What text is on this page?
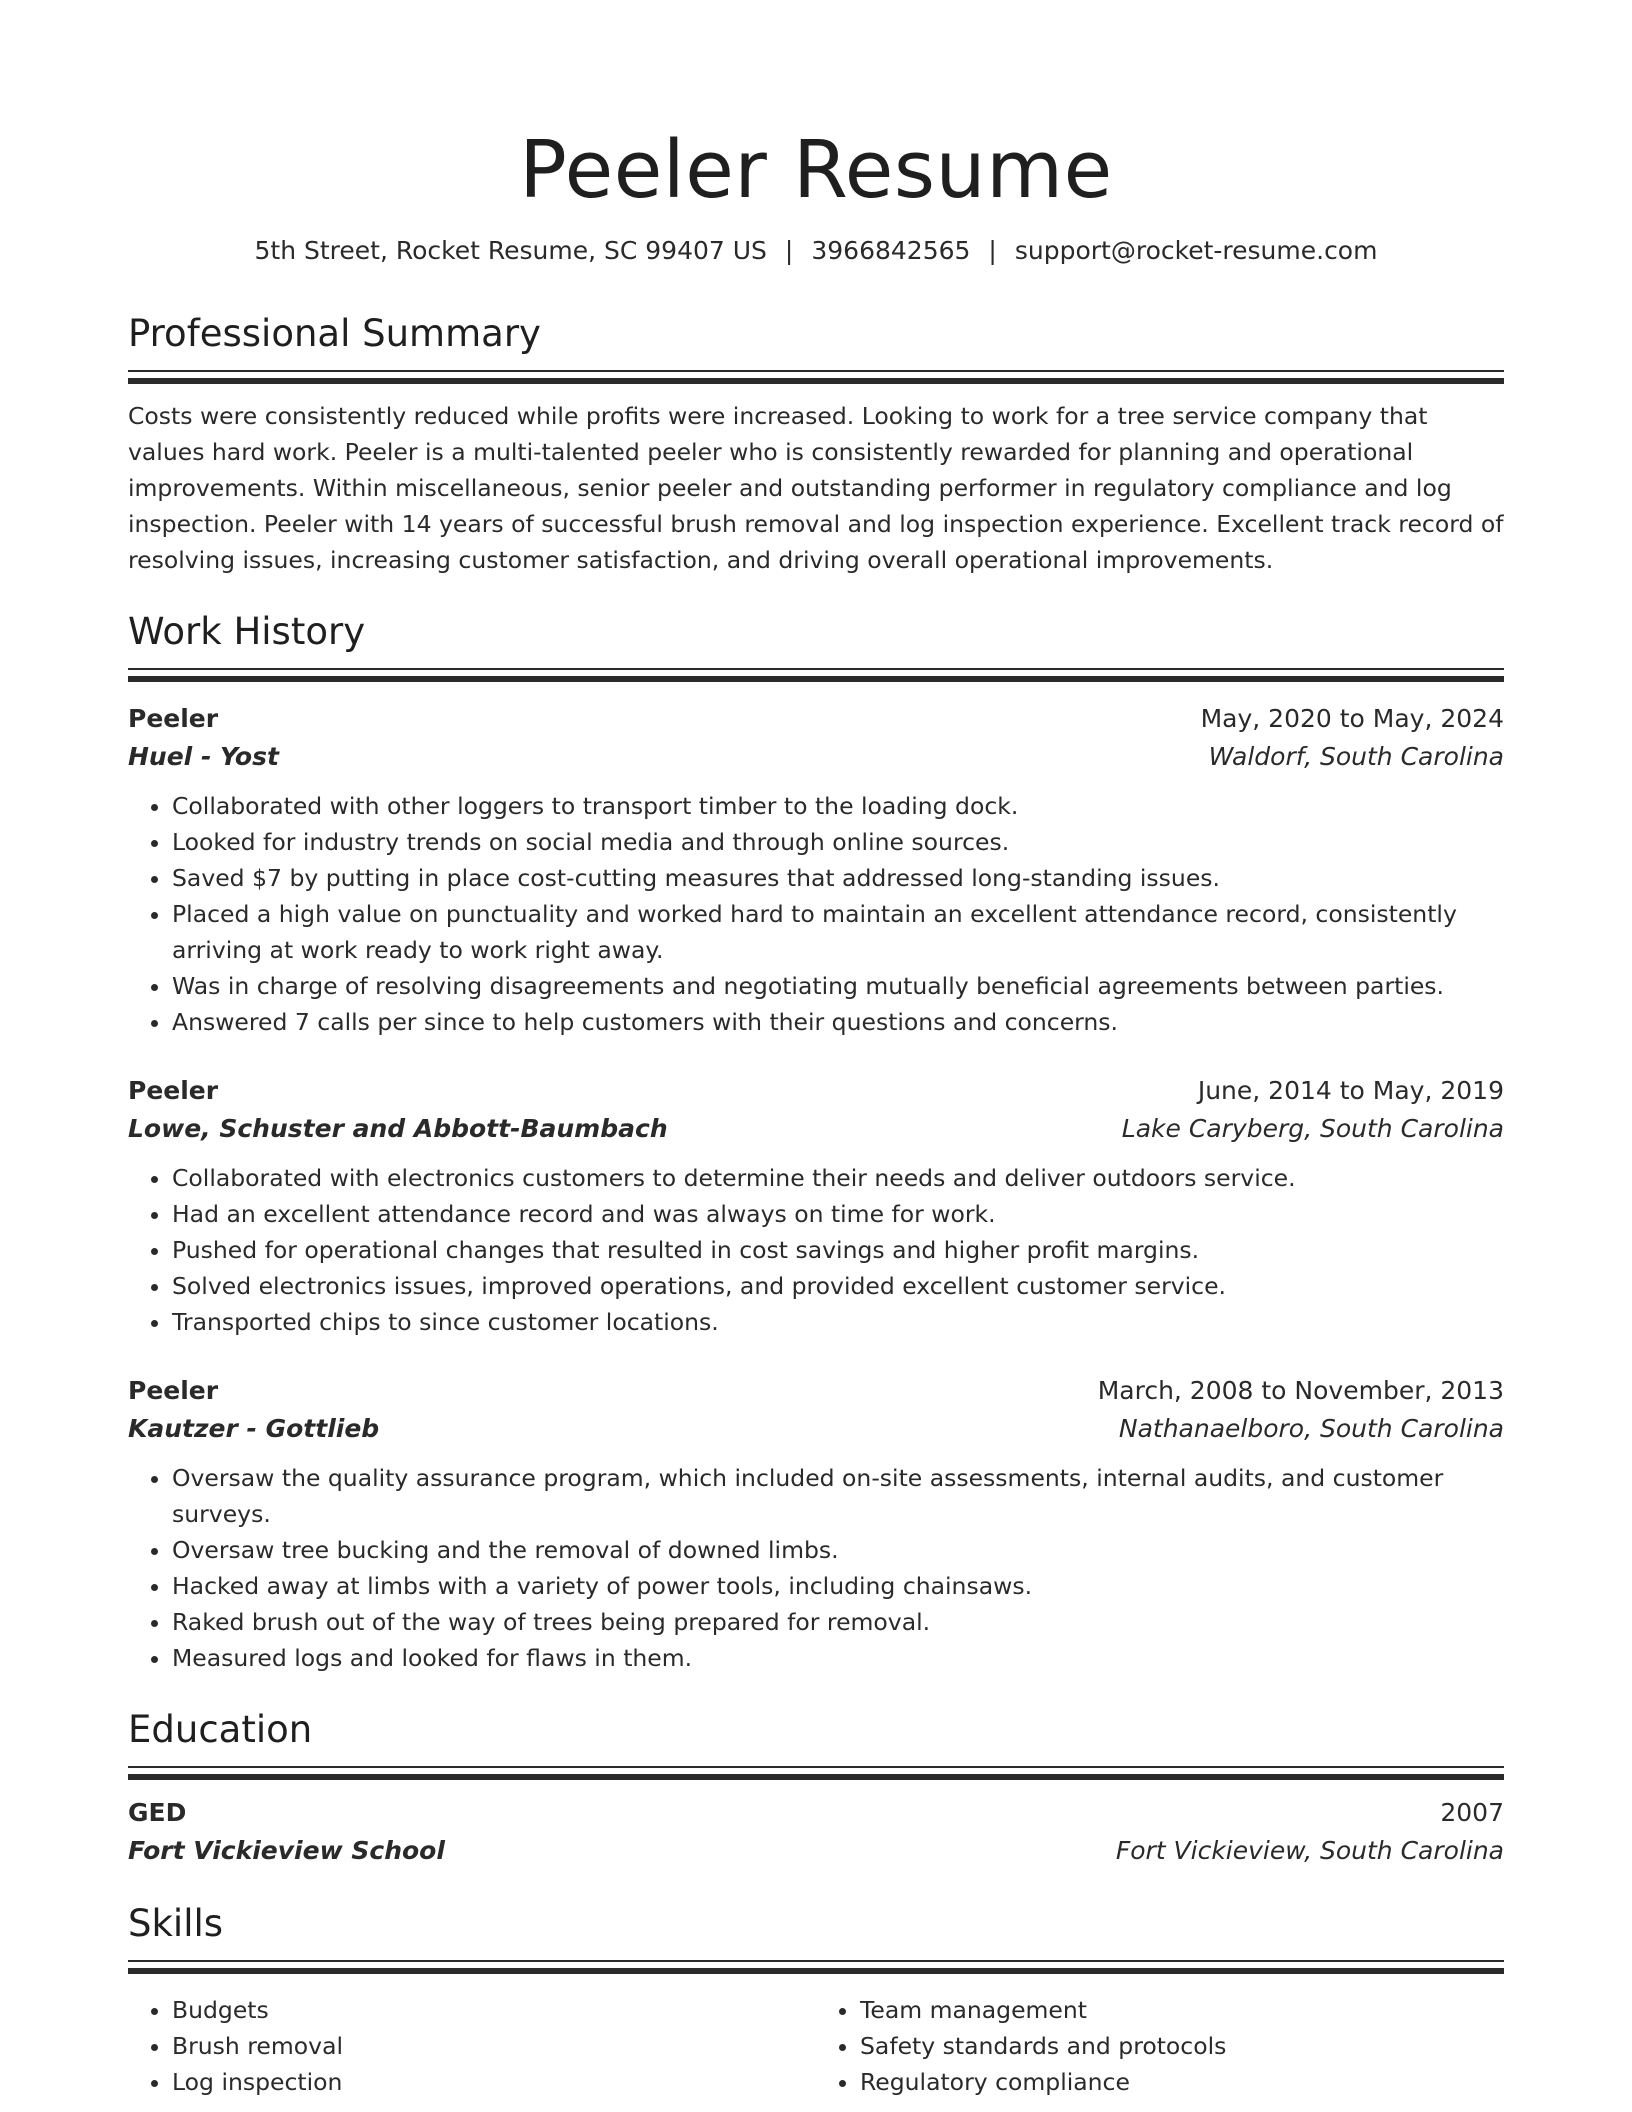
Peeler Resume
5th Street, Rocket Resume, SC 99407 US | 3966842565 | support@rocket-resume.com
Professional Summary
Costs were consistently reduced while profits were increased. Looking to work for a tree service company that values hard work. Peeler is a multi-talented peeler who is consistently rewarded for planning and operational improvements. Within miscellaneous, senior peeler and outstanding performer in regulatory compliance and log inspection. Peeler with 14 years of successful brush removal and log inspection experience. Excellent track record of resolving issues, increasing customer satisfaction, and driving overall operational improvements.
Work History
Peeler	May, 2020 to May, 2024
Huel - Yost	Waldorf, South Carolina
• Collaborated with other loggers to transport timber to the loading dock.
• Looked for industry trends on social media and through online sources.
• Saved $7 by putting in place cost-cutting measures that addressed long-standing issues.
• Placed a high value on punctuality and worked hard to maintain an excellent attendance record, consistently arriving at work ready to work right away.
• Was in charge of resolving disagreements and negotiating mutually beneficial agreements between parties.
• Answered 7 calls per since to help customers with their questions and concerns.
Peeler	June, 2014 to May, 2019
Lowe, Schuster and Abbott-Baumbach	Lake Caryberg, South Carolina
• Collaborated with electronics customers to determine their needs and deliver outdoors service.
• Had an excellent attendance record and was always on time for work.
• Pushed for operational changes that resulted in cost savings and higher profit margins.
• Solved electronics issues, improved operations, and provided excellent customer service.
• Transported chips to since customer locations.
Peeler	March, 2008 to November, 2013
Kautzer - Gottlieb	Nathanaelboro, South Carolina
• Oversaw the quality assurance program, which included on-site assessments, internal audits, and customer surveys.
• Oversaw tree bucking and the removal of downed limbs.
• Hacked away at limbs with a variety of power tools, including chainsaws.
• Raked brush out of the way of trees being prepared for removal.
• Measured logs and looked for flaws in them.
Education
GED	2007
Fort Vickieview School	Fort Vickieview, South Carolina
Skills
• Budgets
• Brush removal
• Log inspection
• Team management
• Safety standards and protocols
• Regulatory compliance
